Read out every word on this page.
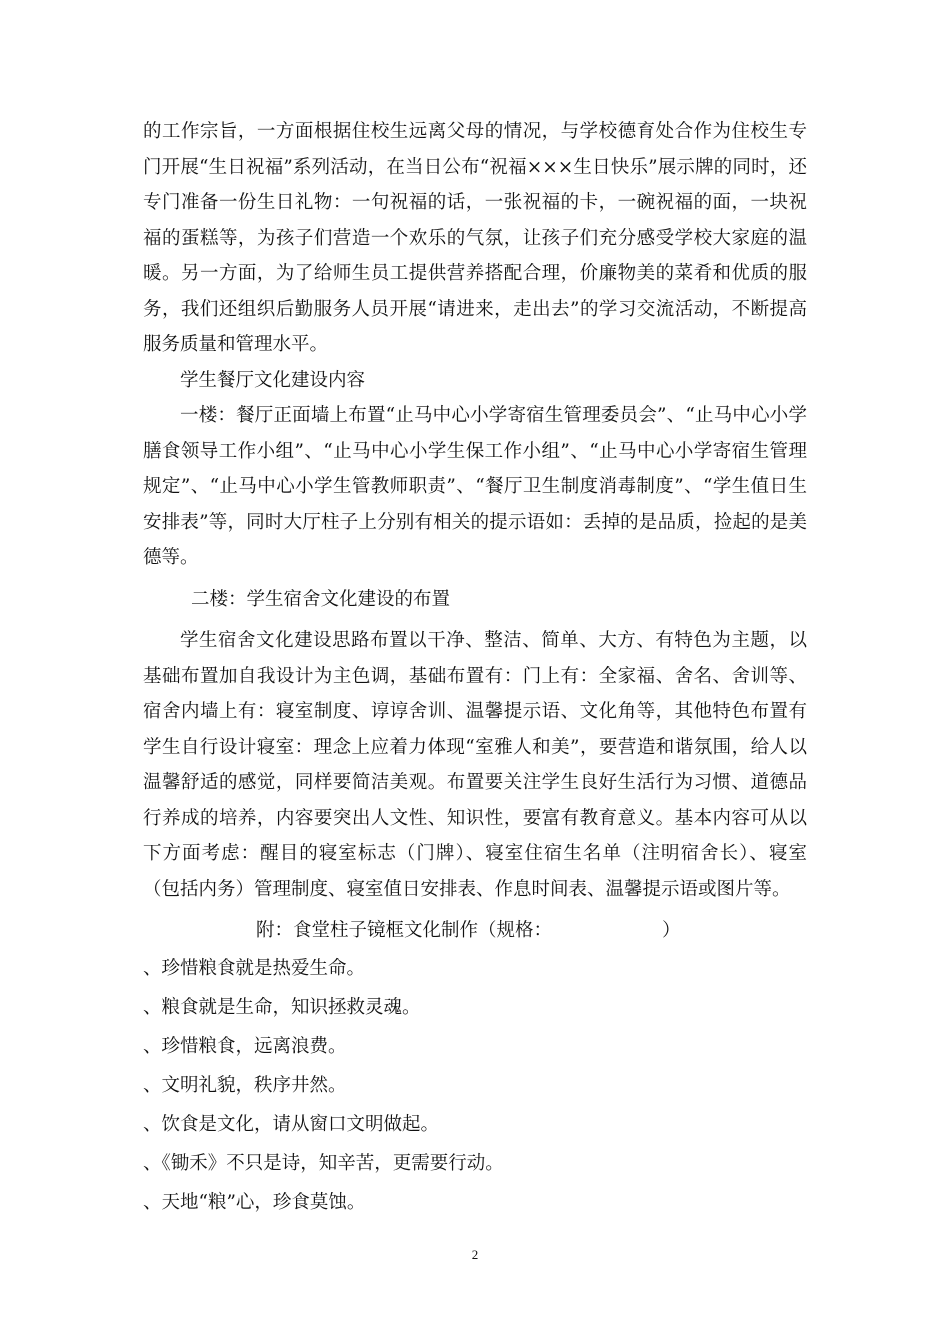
的工作宗旨，一方面根据住校生远离父母的情况，与学校德育处合作为住校生专门开展“生日祝福”系列活动，在当日公布“祝福×××生日快乐”展示牌的同时，还专门准备一份生日礼物：一句祝福的话，一张祝福的卡，一碗祝福的面，一块祝福的蛋糕等，为孩子们营造一个欢乐的气氛，让孩子们充分感受学校大家庭的温暖。另一方面，为了给师生员工提供营养搭配合理，价廉物美的菜肴和优质的服务，我们还组织后勤服务人员开展“请进来，走出去”的学习交流活动，不断提高服务质量和管理水平。

学生餐厅文化建设内容

一楼：餐厅正面墙上布置“止马中心小学寄宿生管理委员会”、“止马中心小学膳食领导工作小组”、“止马中心小学生保工作小组”、“止马中心小学寄宿生管理规定”、“止马中心小学生管教师职责”、“餐厅卫生制度消毒制度”、“学生值日生安排表”等，同时大厅柱子上分别有相关的提示语如：丢掉的是品质，捡起的是美德等。

二楼：学生宿舍文化建设的布置

学生宿舍文化建设思路布置以干净、整洁、简单、大方、有特色为主题，以基础布置加自我设计为主色调，基础布置有：门上有：全家福、舍名、舍训等、宿舍内墙上有：寝室制度、谆谆舍训、温馨提示语、文化角等，其他特色布置有学生自行设计寝室：理念上应着力体现“室雅人和美”，要营造和谐氛围，给人以温馨舒适的感觉，同样要简洁美观。布置要关注学生良好生活行为习惯、道德品行养成的培养，内容要突出人文性、知识性，要富有教育意义。基本内容可从以下方面考虑：醒目的寝室标志（门牌）、寝室住宿生名单（注明宿舍长）、寝室（包括内务）管理制度、寝室值日安排表、作息时间表、温馨提示语或图片等。

附：食堂柱子镜框文化制作（规格：	）

、珍惜粮食就是热爱生命。

、粮食就是生命，知识拯救灵魂。

、珍惜粮食，远离浪费。

、文明礼貌，秩序井然。

、饮食是文化，请从窗口文明做起。

、《锄禾》不只是诗，知辛苦，更需要行动。

、天地“粮”心，珍食莫蚀。

2
